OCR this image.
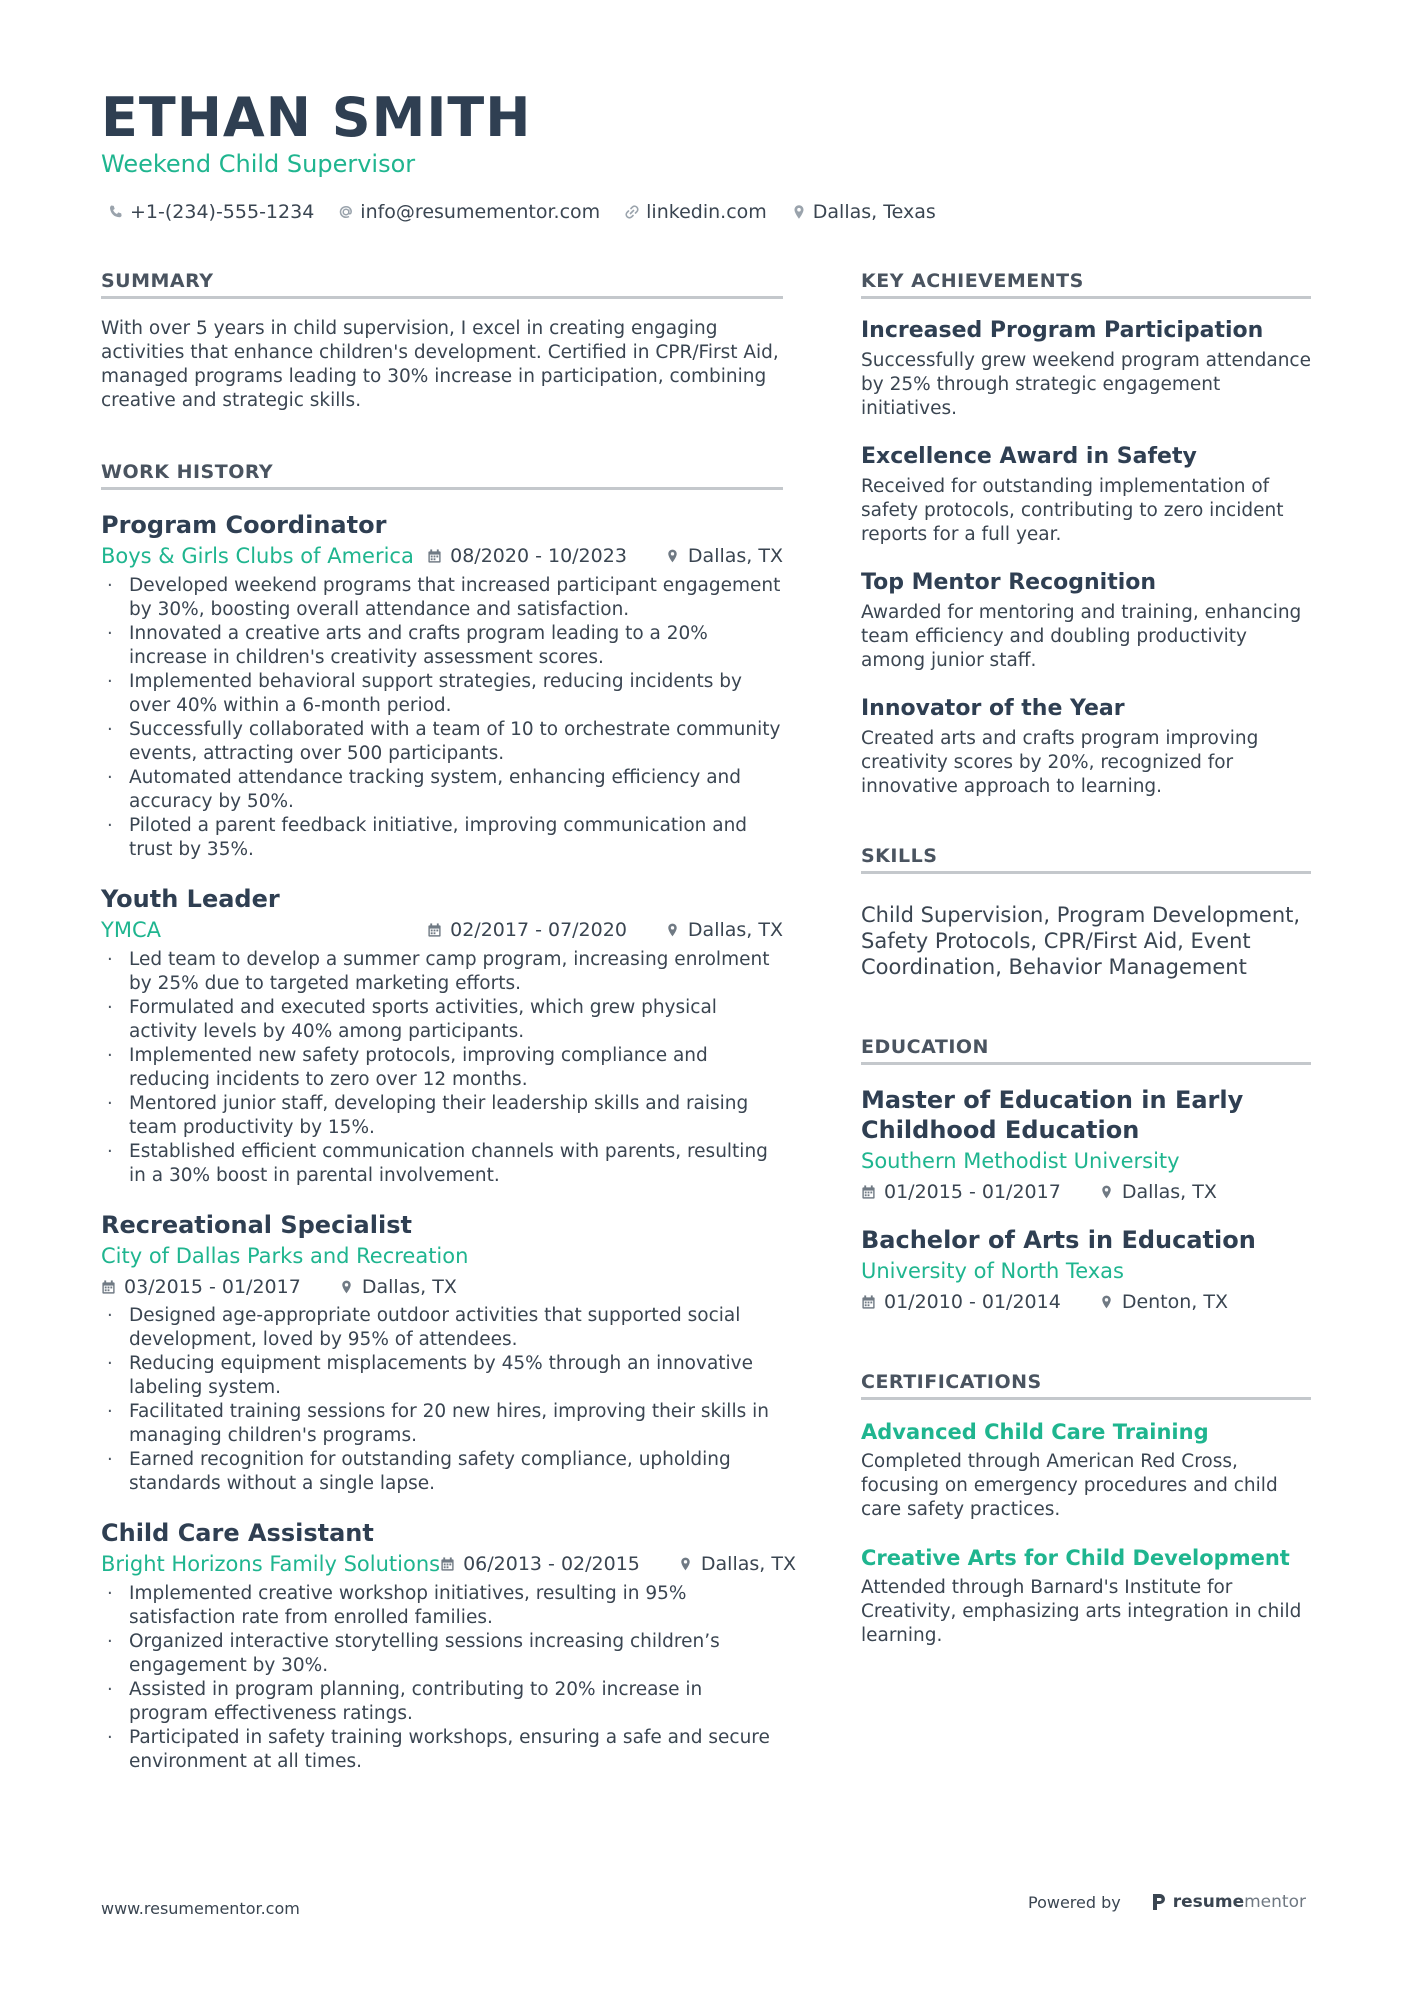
ETHAN SMITH
Weekend Child Supervisor
+1-(234)-555-1234 info@resumementor.com linkedin.com Dallas, Texas
SUMMARY

With over 5 years in child supervision, I excel in creating engaging activities that enhance children's development. Certified in CPR/First Aid, managed programs leading to 30% increase in participation, combining creative and strategic skills.

WORK HISTORY
Program Coordinator
Boys & Girls Clubs of America 08/2020 - 10/2023	Dallas, TX
· Developed weekend programs that increased participant engagement by 30%, boosting overall attendance and satisfaction.
· Innovated a creative arts and crafts program leading to a 20% increase in children's creativity assessment scores.
· Implemented behavioral support strategies, reducing incidents by over 40% within a 6-month period.
· Successfully collaborated with a team of 10 to orchestrate community events, attracting over 500 participants.
· Automated attendance tracking system, enhancing efficiency and accuracy by 50%.
· Piloted a parent feedback initiative, improving communication and trust by 35%.
Youth Leader
YMCA	02/2017 - 07/2020	Dallas, TX
· Led team to develop a summer camp program, increasing enrolment by 25% due to targeted marketing efforts.
· Formulated and executed sports activities, which grew physical activity levels by 40% among participants.
· Implemented new safety protocols, improving compliance and reducing incidents to zero over 12 months.
· Mentored junior staff, developing their leadership skills and raising team productivity by 15%.
· Established efficient communication channels with parents, resulting in a 30% boost in parental involvement.
Recreational Specialist
City of Dallas Parks and Recreation
03/2015 - 01/2017	Dallas, TX
· Designed age-appropriate outdoor activities that supported social development, loved by 95% of attendees.
· Reducing equipment misplacements by 45% through an innovative labeling system.
· Facilitated training sessions for 20 new hires, improving their skills in managing children's programs.
· Earned recognition for outstanding safety compliance, upholding standards without a single lapse.
Child Care Assistant
Bright Horizons Family Solutions 06/2013 - 02/2015	Dallas, TX
· Implemented creative workshop initiatives, resulting in 95% satisfaction rate from enrolled families.
· Organized interactive storytelling sessions increasing children’s engagement by 30%.
· Assisted in program planning, contributing to 20% increase in program effectiveness ratings.
· Participated in safety training workshops, ensuring a safe and secure environment at all times.
KEY ACHIEVEMENTS
Increased Program Participation

Successfully grew weekend program attendance by 25% through strategic engagement initiatives.

Excellence Award in Safety

Received for outstanding implementation of safety protocols, contributing to zero incident reports for a full year.

Top Mentor Recognition

Awarded for mentoring and training, enhancing team efficiency and doubling productivity among junior staff.

Innovator of the Year

Created arts and crafts program improving creativity scores by 20%, recognized for innovative approach to learning.

SKILLS

Child Supervision, Program Development, Safety Protocols, CPR/First Aid, Event Coordination, Behavior Management

EDUCATION
Master of Education in Early Childhood Education
Southern Methodist University
01/2015 - 01/2017	Dallas, TX
Bachelor of Arts in Education
University of North Texas
01/2010 - 01/2014	Denton, TX
CERTIFICATIONS
Advanced Child Care Training

Completed through American Red Cross, focusing on emergency procedures and child care safety practices.

Creative Arts for Child Development

Attended through Barnard's Institute for Creativity, emphasizing arts integration in child learning.

www.resumementor.com	Powered by	resumementor
